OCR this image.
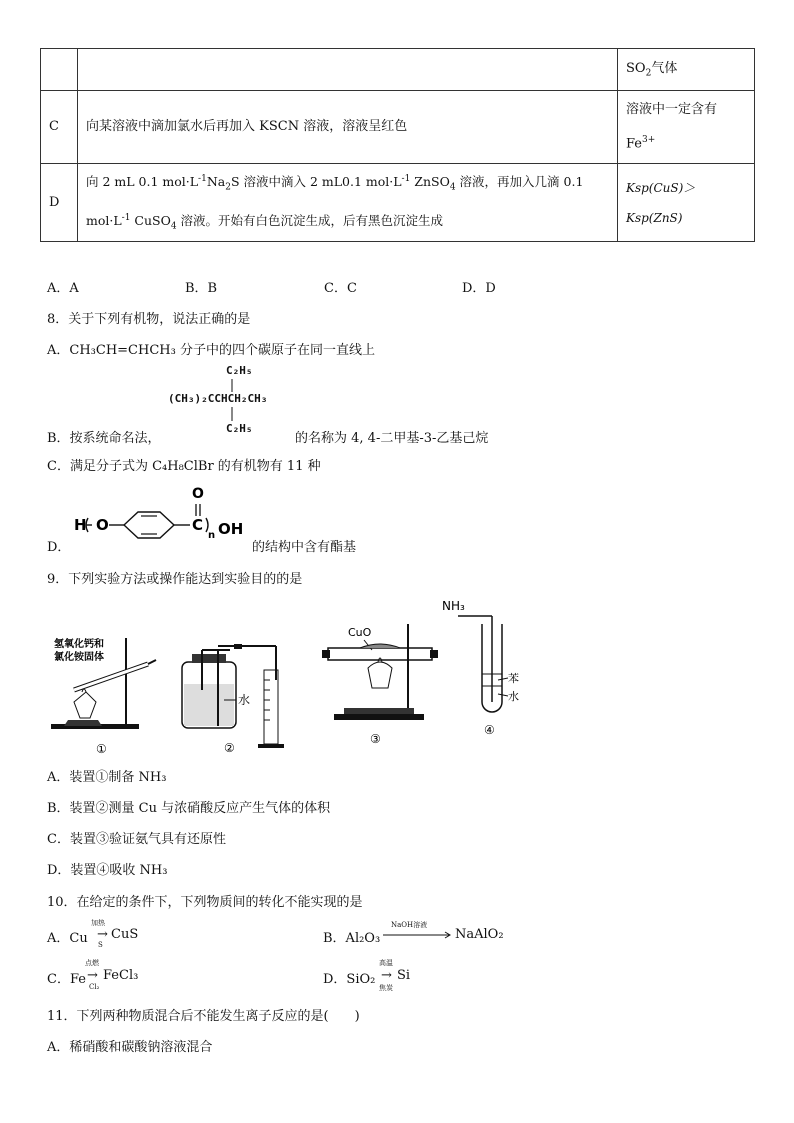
		$SO_2$气体
C	向某溶液中滴加氯水后再加入 KSCN 溶液，溶液呈红色	溶液中一定含有
$Fe^{3+}$
D	向 2 mL 0.1 $mol\cdot L^{-1}Na_2S$ 溶液中滴入 2 mL0.1 $mol\cdot L^{-1}$ ZnSO$_4$ 溶液，再加入几滴 0.1
$mol\cdot L^{-1}$ CuSO$_4$ 溶液。开始有白色沉淀生成，后有黑色沉淀生成	Ksp(CuS)＞Ksp(ZnS)
A．A	B．B	C．C	D．D
8．关于下列有机物，说法正确的是
A．CH₃CH=CHCH₃ 分子中的四个碳原子在同一直线上
C₂H₅
(CH₃)₂CCHCH₂CH₃
C₂H₅
B．按系统命名法，	的名称为 4, 4-二甲基-3-乙基己烷
C．满足分子式为 C₄H₈ClBr 的有机物有 11 种
D．
H O	C
O
n OH
的结构中含有酯基
9．下列实验方法或操作能达到实验目的的是
氢氧化钙和
氯化铵固体
①
水
②
CuO
③
NH₃
苯
水
④
A．装置①制备 NH₃
B．装置②测量 Cu 与浓硝酸反应产生气体的体积
C．装置③验证氨气具有还原性
D．装置④吸收 NH₃
10．在给定的条件下，下列物质间的转化不能实现的是
A．Cu
加热
→
S
CuS	B．Al₂O₃
NaOH溶液
NaAlO₂
C．Fe
点燃
→
Cl₂
FeCl₃	D．SiO₂
高温
→
焦炭
Si
11．下列两种物质混合后不能发生离子反应的是(　　)
A．稀硝酸和碳酸钠溶液混合
